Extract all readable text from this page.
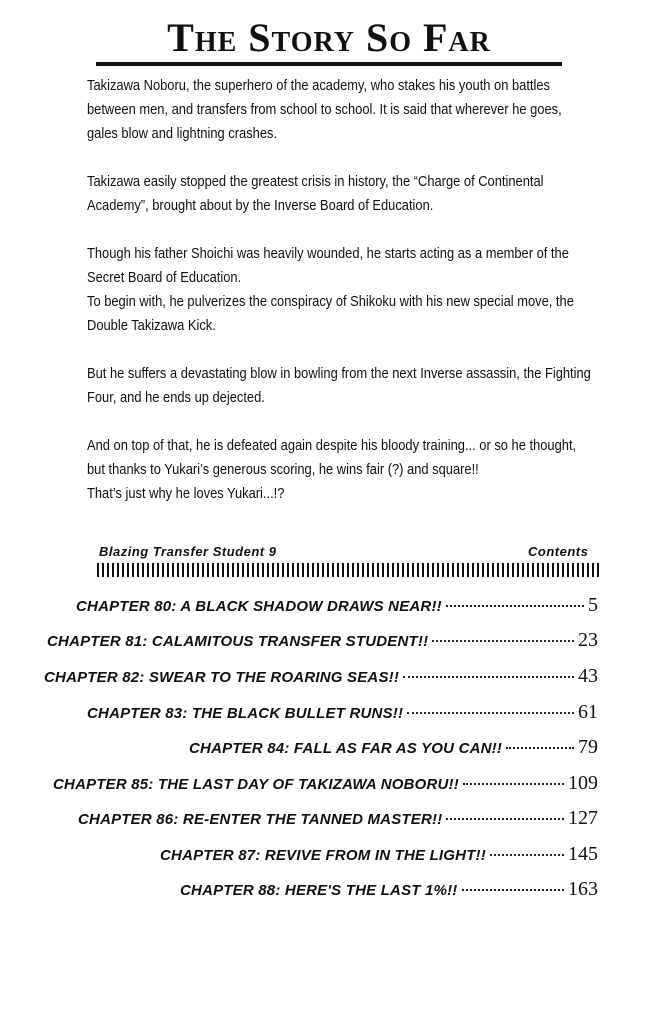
The Story So Far

Takizawa Noboru, the superhero of the academy, who stakes his youth on battles
between men, and transfers from school to school. It is said that wherever he goes,
gales blow and lightning crashes.

Takizawa easily stopped the greatest crisis in history, the “Charge of Continental
Academy”, brought about by the Inverse Board of Education.

Though his father Shoichi was heavily wounded, he starts acting as a member of the
Secret Board of Education.
To begin with, he pulverizes the conspiracy of Shikoku with his new special move, the
Double Takizawa Kick.

But he suffers a devastating blow in bowling from the next Inverse assassin, the Fighting
Four, and he ends up dejected.

And on top of that, he is defeated again despite his bloody training... or so he thought,
but thanks to Yukari’s generous scoring, he wins fair (?) and square!!
That’s just why he loves Yukari...!?

Blazing Transfer Student 9	Contents
CHAPTER 80: A BLACK SHADOW DRAWS NEAR!!	5
CHAPTER 81: CALAMITOUS TRANSFER STUDENT!!	23
CHAPTER 82: SWEAR TO THE ROARING SEAS!!	43
CHAPTER 83: THE BLACK BULLET RUNS!!	61
CHAPTER 84: FALL AS FAR AS YOU CAN!!	79
CHAPTER 85: THE LAST DAY OF TAKIZAWA NOBORU!!	109
CHAPTER 86: RE-ENTER THE TANNED MASTER!!	127
CHAPTER 87: REVIVE FROM IN THE LIGHT!!	145
CHAPTER 88: HERE'S THE LAST 1%!!	163
